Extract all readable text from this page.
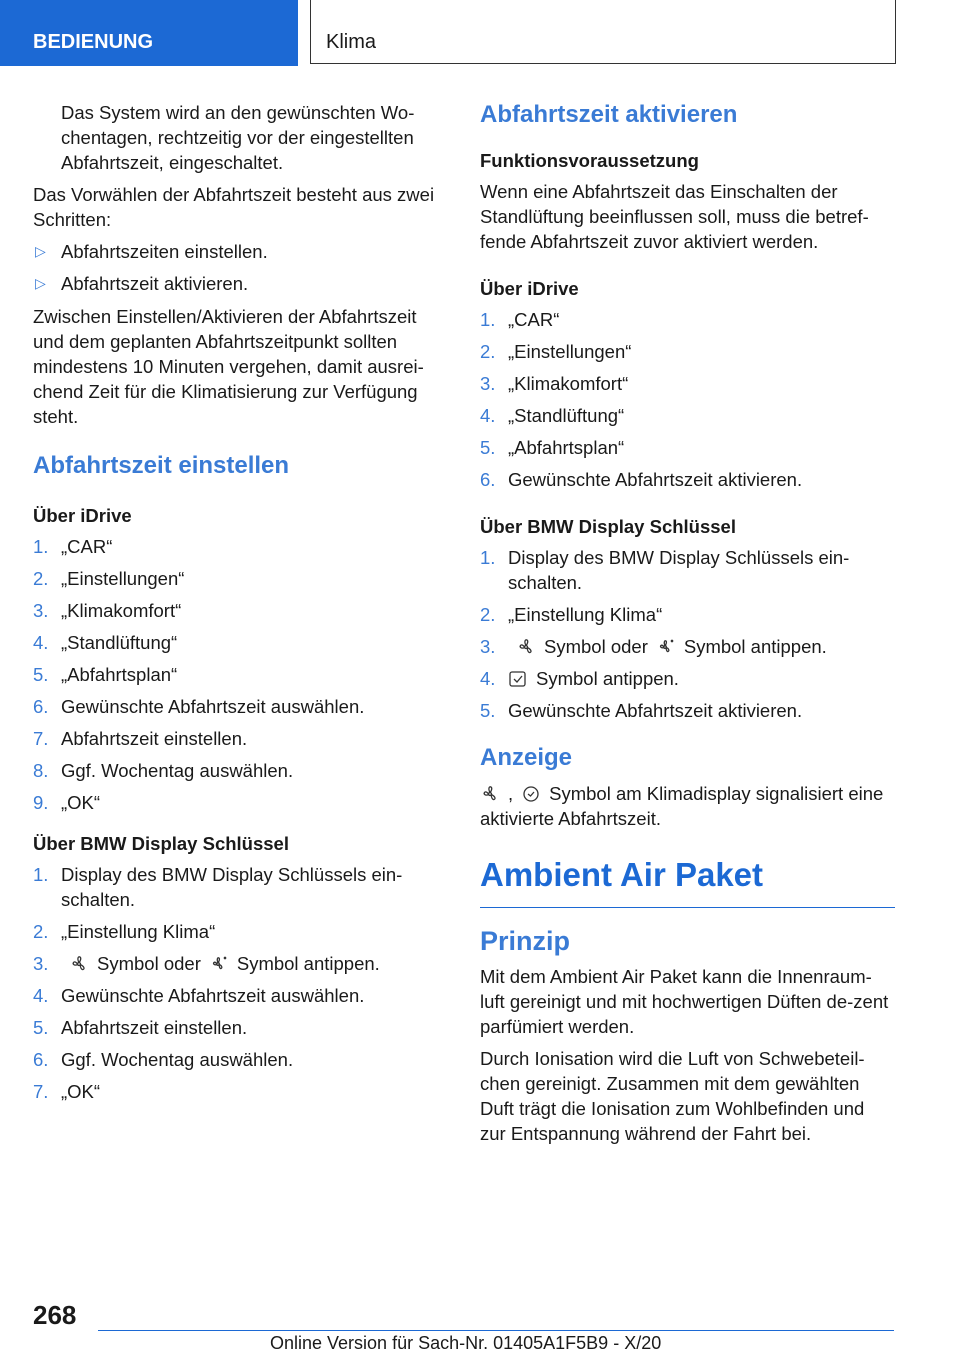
BEDIENUNG	Klima

Das System wird an den gewünschten Wo-chentagen, rechtzeitig vor der eingestellten Abfahrtszeit, eingeschaltet.

Das Vorwählen der Abfahrtszeit besteht aus zwei Schritten:

▷ Abfahrtszeiten einstellen.
▷ Abfahrtszeit aktivieren.

Zwischen Einstellen/Aktivieren der Abfahrtszeit und dem geplanten Abfahrtszeitpunkt sollten mindestens 10 Minuten vergehen, damit ausrei-chend Zeit für die Klimatisierung zur Verfügung steht.

Abfahrtszeit einstellen
Über iDrive
1. „CAR“
2. „Einstellungen“
3. „Klimakomfort“
4. „Standlüftung“
5. „Abfahrtsplan“
6. Gewünschte Abfahrtszeit auswählen.
7. Abfahrtszeit einstellen.
8. Ggf. Wochentag auswählen.
9. „OK“
Über BMW Display Schlüssel
1. Display des BMW Display Schlüssels ein-schalten.
2. „Einstellung Klima“
3.	Symbol oder Symbol antippen.
4. Gewünschte Abfahrtszeit auswählen.
5. Abfahrtszeit einstellen.
6. Ggf. Wochentag auswählen.
7. „OK“
Abfahrtszeit aktivieren
Funktionsvoraussetzung

Wenn eine Abfahrtszeit das Einschalten der Standlüftung beeinflussen soll, muss die betref-fende Abfahrtszeit zuvor aktiviert werden.

Über iDrive
1. „CAR“
2. „Einstellungen“
3. „Klimakomfort“
4. „Standlüftung“
5. „Abfahrtsplan“
6. Gewünschte Abfahrtszeit aktivieren.
Über BMW Display Schlüssel
1. Display des BMW Display Schlüssels ein-schalten.
2. „Einstellung Klima“
3.	Symbol oder Symbol antippen.
4. Symbol antippen.
5. Gewünschte Abfahrtszeit aktivieren.
Anzeige

, Symbol am Klimadisplay signalisiert eine aktivierte Abfahrtszeit.

Ambient Air Paket
Prinzip

Mit dem Ambient Air Paket kann die Innenraum-luft gereinigt und mit hochwertigen Düften de-zent parfümiert werden.

Durch Ionisation wird die Luft von Schwebeteil-chen gereinigt. Zusammen mit dem gewählten Duft trägt die Ionisation zum Wohlbefinden und zur Entspannung während der Fahrt bei.

268
Online Version für Sach-Nr. 01405A1F5B9 - X/20
